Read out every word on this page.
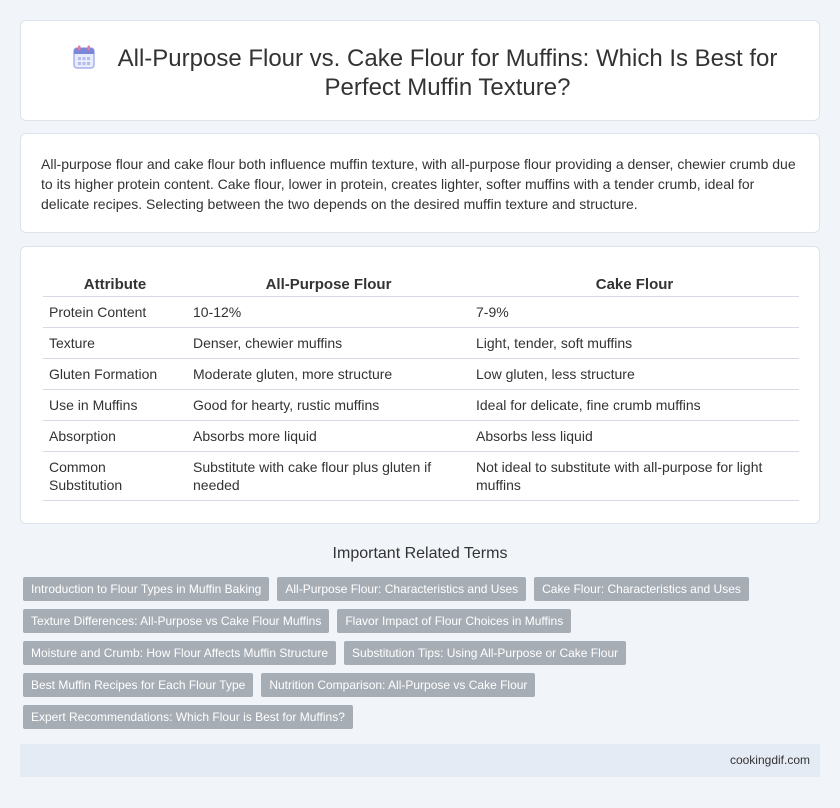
All-Purpose Flour vs. Cake Flour for Muffins: Which Is Best for Perfect Muffin Texture?

All-purpose flour and cake flour both influence muffin texture, with all-purpose flour providing a denser, chewier crumb due to its higher protein content. Cake flour, lower in protein, creates lighter, softer muffins with a tender crumb, ideal for delicate recipes. Selecting between the two depends on the desired muffin texture and structure.

Attribute	All-Purpose Flour	Cake Flour
Protein Content	10-12%	7-9%
Texture	Denser, chewier muffins	Light, tender, soft muffins
Gluten Formation	Moderate gluten, more structure	Low gluten, less structure
Use in Muffins	Good for hearty, rustic muffins	Ideal for delicate, fine crumb muffins
Absorption	Absorbs more liquid	Absorbs less liquid
Common Substitution	Substitute with cake flour plus gluten if needed	Not ideal to substitute with all-purpose for light muffins
Important Related Terms
Introduction to Flour Types in Muffin Baking	All-Purpose Flour: Characteristics and Uses	Cake Flour: Characteristics and Uses
Texture Differences: All-Purpose vs Cake Flour Muffins	Flavor Impact of Flour Choices in Muffins
Moisture and Crumb: How Flour Affects Muffin Structure	Substitution Tips: Using All-Purpose or Cake Flour
Best Muffin Recipes for Each Flour Type	Nutrition Comparison: All-Purpose vs Cake Flour
Expert Recommendations: Which Flour is Best for Muffins?
cookingdif.com
